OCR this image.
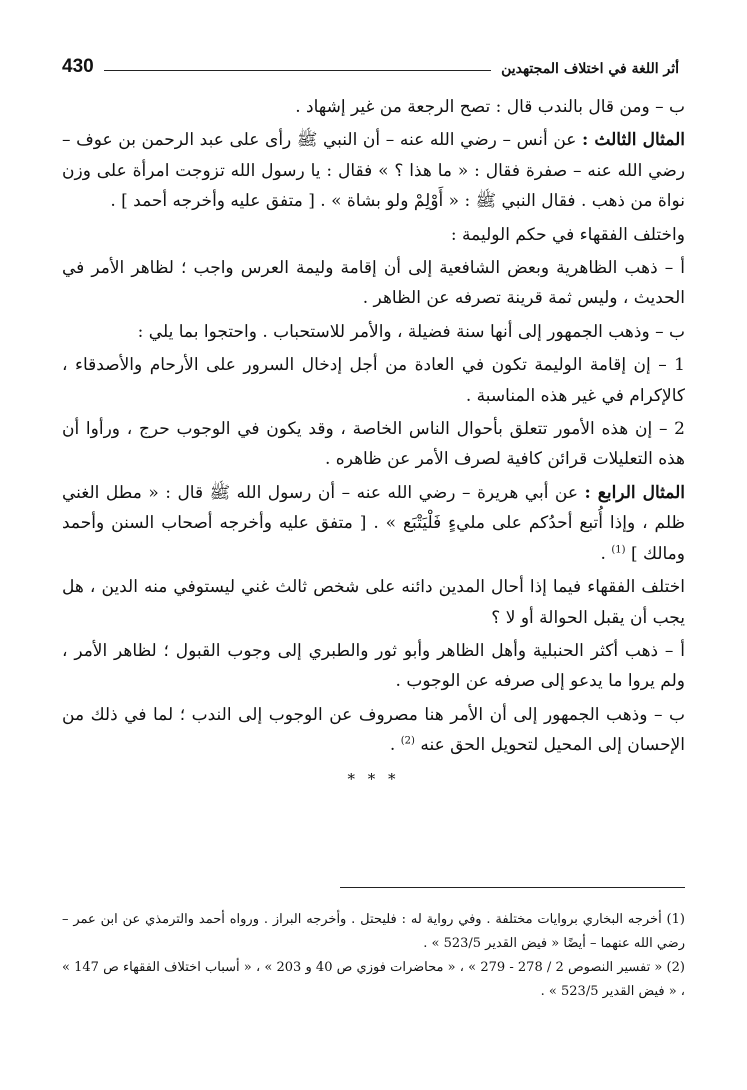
430	أثر اللغة في اختلاف المجتهدين

ب – ومن قال بالندب قال : تصح الرجعة من غير إشهاد .

المثال الثالث : عن أنس – رضي الله عنه – أن النبي ﷺ رأى على عبد الرحمن بن عوف – رضي الله عنه – صفرة فقال : « ما هذا ؟ » فقال : يا رسول الله تزوجت امرأة على وزن نواة من ذهب . فقال النبي ﷺ : « أَوْلِمْ ولو بشاة » . [ متفق عليه وأخرجه أحمد ] .

واختلف الفقهاء في حكم الوليمة :

أ – ذهب الظاهرية وبعض الشافعية إلى أن إقامة وليمة العرس واجب ؛ لظاهر الأمر في الحديث ، وليس ثمة قرينة تصرفه عن الظاهر .

ب – وذهب الجمهور إلى أنها سنة فضيلة ، والأمر للاستحباب . واحتجوا بما يلي :

1 – إن إقامة الوليمة تكون في العادة من أجل إدخال السرور على الأرحام والأصدقاء ، كالإكرام في غير هذه المناسبة .

2 – إن هذه الأمور تتعلق بأحوال الناس الخاصة ، وقد يكون في الوجوب حرج ، ورأوا أن هذه التعليلات قرائن كافية لصرف الأمر عن ظاهره .

المثال الرابع : عن أبي هريرة – رضي الله عنه – أن رسول الله ﷺ قال : « مطل الغني ظلم ، وإذا أُتبع أحدُكم على مليءٍ فَلْيَتْبَع » . [ متفق عليه وأخرجه أصحاب السنن وأحمد ومالك ] $^{(1)}$ .

اختلف الفقهاء فيما إذا أحال المدين دائنه على شخص ثالث غني ليستوفي منه الدين ، هل يجب أن يقبل الحوالة أو لا ؟

أ – ذهب أكثر الحنبلية وأهل الظاهر وأبو ثور والطبري إلى وجوب القبول ؛ لظاهر الأمر ، ولم يروا ما يدعو إلى صرفه عن الوجوب .

ب – وذهب الجمهور إلى أن الأمر هنا مصروف عن الوجوب إلى الندب ؛ لما في ذلك من الإحسان إلى المحيل لتحويل الحق عنه $^{(2)}$ .

* * *

(1) أخرجه البخاري بروايات مختلفة . وفي رواية له : فليحتل . وأخرجه البراز . ورواه أحمد والترمذي عن ابن عمر – رضي الله عنهما – أيضًا « فيض القدير 523/5 » .

(2) « تفسير النصوص 2 / 278 - 279 » ، « محاضرات فوزي ص 40 و 203 » ، « أسباب اختلاف الفقهاء ص 147 » ، « فيض القدير 523/5 » .
